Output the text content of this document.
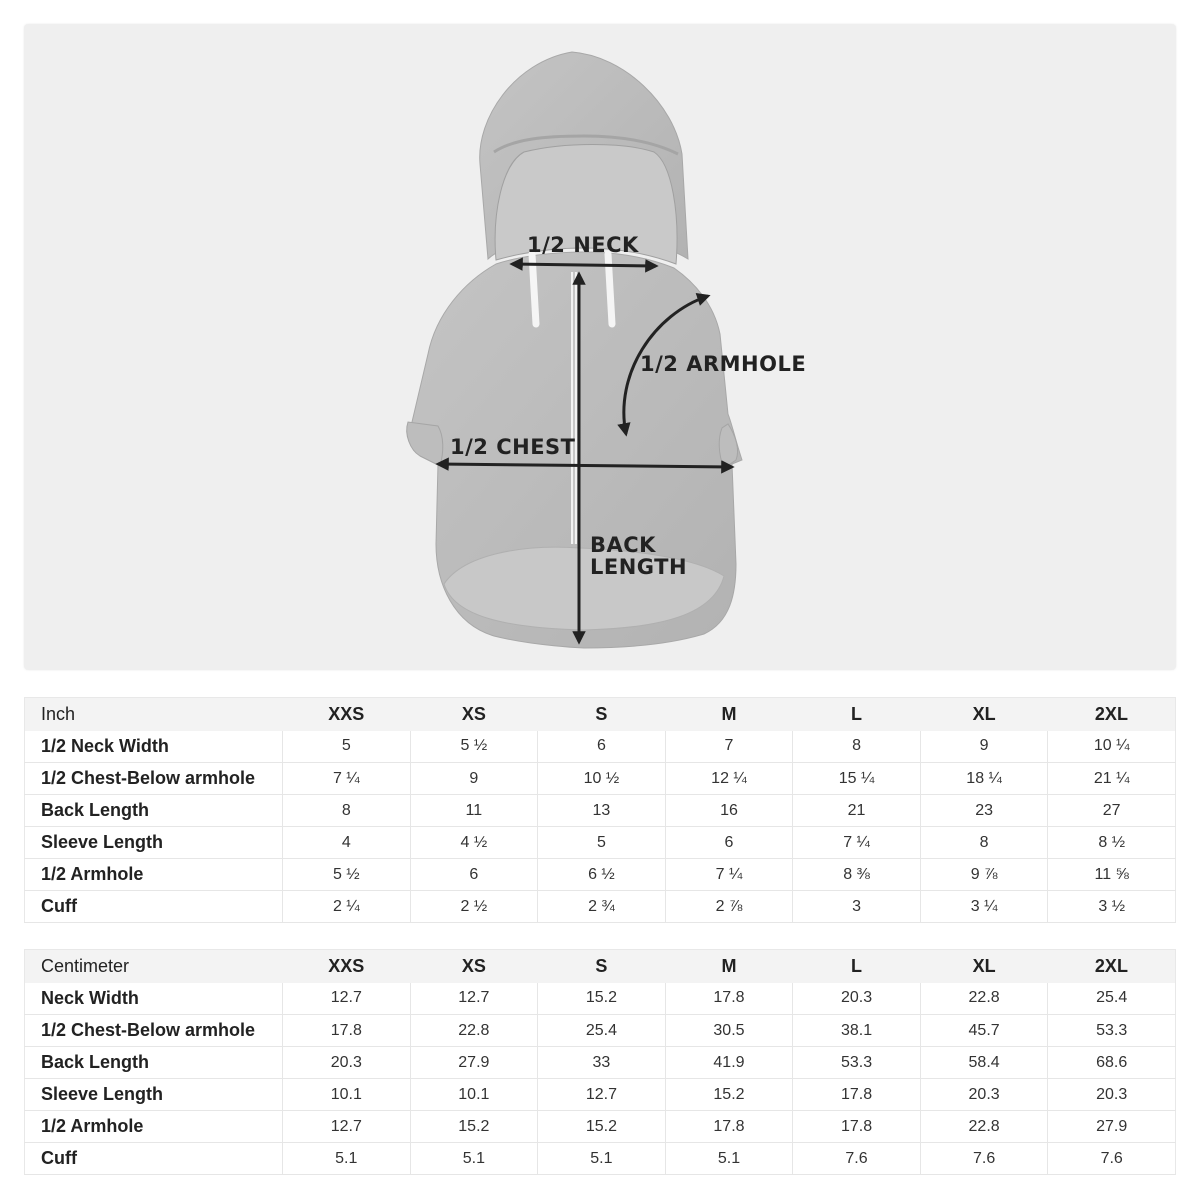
1/2 NECK
1/2 ARMHOLE
1/2 CHEST
BACK
LENGTH
Inch	XXS	XS	S	M	L	XL	2XL
1/2 Neck Width	5	5 ½	6	7	8	9	10 ¼
1/2 Chest-Below armhole	7 ¼	9	10 ½	12 ¼	15 ¼	18 ¼	21 ¼
Back Length	8	11	13	16	21	23	27
Sleeve Length	4	4 ½	5	6	7 ¼	8	8 ½
1/2 Armhole	5 ½	6	6 ½	7 ¼	8 ⅜	9 ⅞	11 ⅝
Cuff	2 ¼	2 ½	2 ¾	2 ⅞	3	3 ¼	3 ½
Centimeter	XXS	XS	S	M	L	XL	2XL
Neck Width	12.7	12.7	15.2	17.8	20.3	22.8	25.4
1/2 Chest-Below armhole	17.8	22.8	25.4	30.5	38.1	45.7	53.3
Back Length	20.3	27.9	33	41.9	53.3	58.4	68.6
Sleeve Length	10.1	10.1	12.7	15.2	17.8	20.3	20.3
1/2 Armhole	12.7	15.2	15.2	17.8	17.8	22.8	27.9
Cuff	5.1	5.1	5.1	5.1	7.6	7.6	7.6
